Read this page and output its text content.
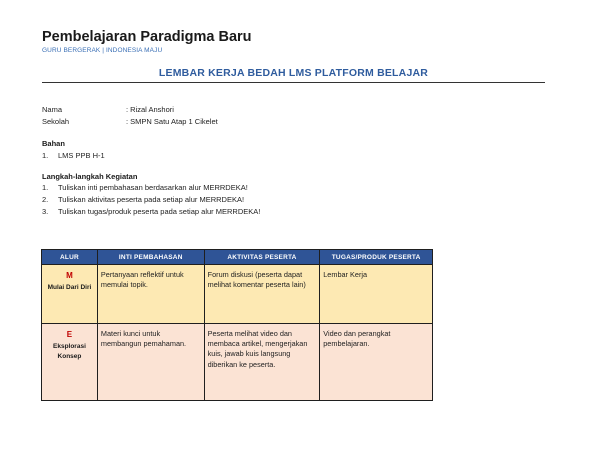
Pembelajaran Paradigma Baru
GURU BERGERAK | INDONESIA MAJU
LEMBAR KERJA BEDAH LMS PLATFORM BELAJAR
Nama	: Rizal Anshori
Sekolah	: SMPN Satu Atap 1 Cikelet
Bahan
1. LMS PPB H-1
Langkah-langkah Kegiatan
1. Tuliskan inti pembahasan berdasarkan alur MERRDEKA!
2. Tuliskan aktivitas peserta pada setiap alur MERRDEKA!
3. Tuliskan tugas/produk peserta pada setiap alur MERRDEKA!
ALUR	INTI PEMBAHASAN	AKTIVITAS PESERTA	TUGAS/PRODUK PESERTA

M
Mulai Dari Diri	Pertanyaan reflektif untuk memulai topik.	Forum diskusi (peserta dapat melihat komentar peserta lain)	Lembar Kerja

E
Eksplorasi Konsep	Materi kunci untuk membangun pemahaman.	Peserta melihat video dan membaca artikel, mengerjakan kuis, jawab kuis langsung diberikan ke peserta.	Video dan perangkat pembelajaran.
